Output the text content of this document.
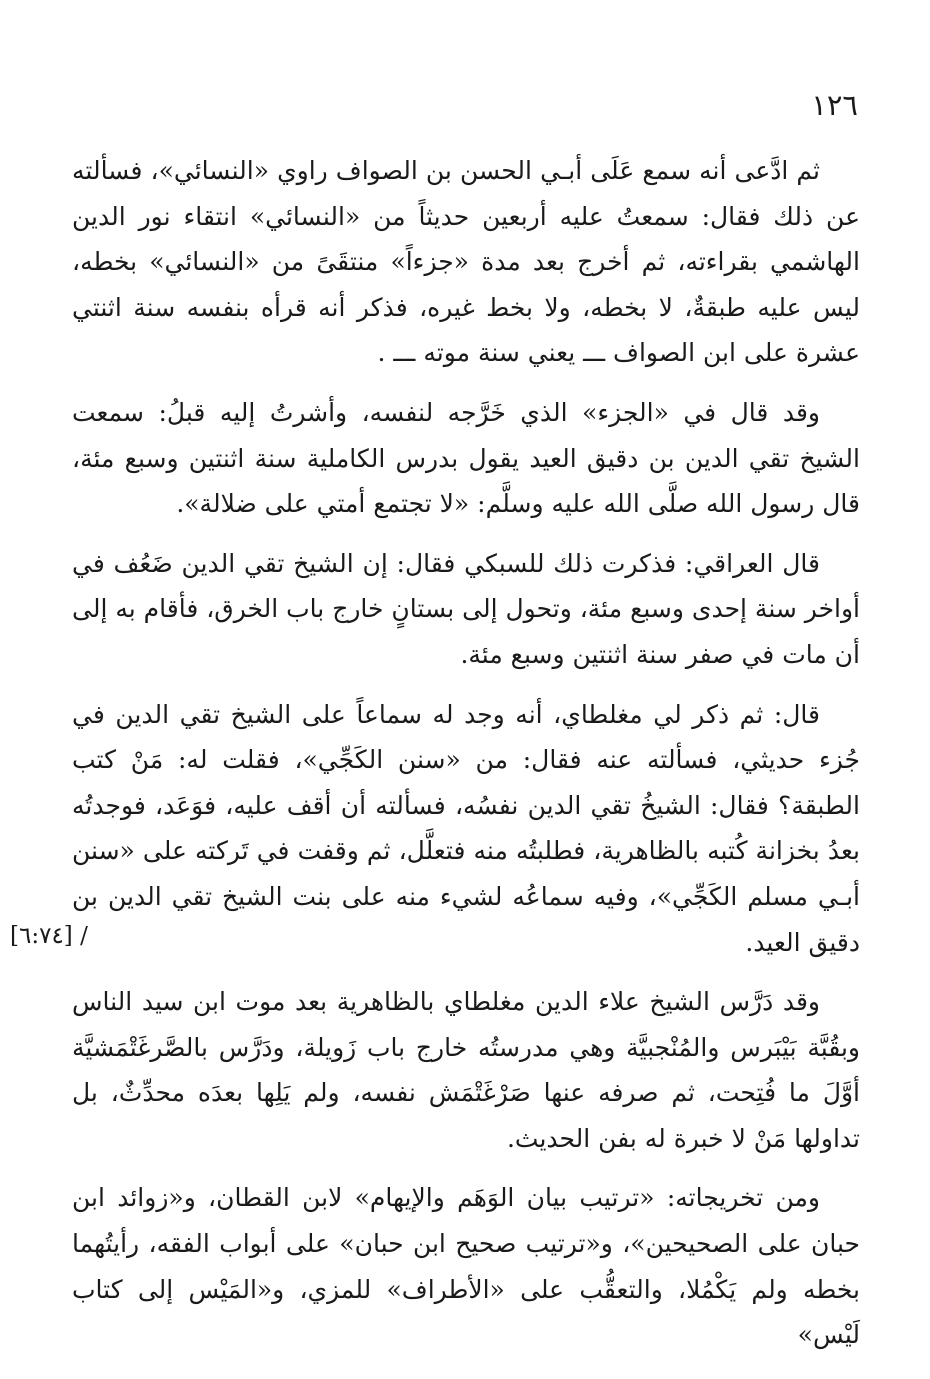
١٢٦

ثم ادَّعى أنه سمع عَلَى أبـي الحسن بن الصواف راوي «النسائي»، فسألته عن ذلك فقال: سمعتُ عليه أربعين حديثاً من «النسائي» انتقاء نور الدين الهاشمي بقراءته، ثم أخرج بعد مدة «جزءاً» منتقَىً من «النسائي» بخطه، ليس عليه طبقةٌ، لا بخطه، ولا بخط غيره، فذكر أنه قرأه بنفسه سنة اثنتي عشرة على ابن الصواف ـــ يعني سنة موته ـــ .

وقد قال في «الجزء» الذي خَرَّجه لنفسه، وأشرتُ إليه قبلُ: سمعت الشيخ تقي الدين بن دقيق العيد يقول بدرس الكاملية سنة اثنتين وسبع مئة، قال رسول الله صلَّى الله عليه وسلَّم: «لا تجتمع أمتي على ضلالة».

قال العراقي: فذكرت ذلك للسبكي فقال: إن الشيخ تقي الدين ضَعُف في أواخر سنة إحدى وسبع مئة، وتحول إلى بستانٍ خارج باب الخرق، فأقام به إلى أن مات في صفر سنة اثنتين وسبع مئة.

قال: ثم ذكر لي مغلطاي، أنه وجد له سماعاً على الشيخ تقي الدين في جُزء حديثي، فسألته عنه فقال: من «سنن الكَجِّي»، فقلت له: مَنْ كتب الطبقة؟ فقال: الشيخُ تقي الدين نفسُه، فسألته أن أقف عليه، فوَعَد، فوجدتُه بعدُ بخزانة كُتبه بالظاهرية، فطلبتُه منه فتعلَّل، ثم وقفت في تَركته على «سنن أبـي مسلم الكَجِّي»، وفيه سماعُه لشيء منه على بنت الشيخ تقي الدين بن دقيق العيد.
[٦:٧٤] /

وقد دَرَّس الشيخ علاء الدين مغلطاي بالظاهرية بعد موت ابن سيد الناس وبقُبَّة بَيْبَرس والمُنْجبيَّة وهي مدرستُه خارج باب زَويلة، ودَرَّس بالصَّرغَتْمَشيَّة أوَّلَ ما فُتِحت، ثم صرفه عنها صَرْغَتْمَش نفسه، ولم يَلِها بعدَه محدِّثٌ، بل تداولها مَنْ لا خبرة له بفن الحديث.

ومن تخريجاته: «ترتيب بيان الوَهَم والإيهام» لابن القطان، و«زوائد ابن حبان على الصحيحين»، و«ترتيب صحيح ابن حبان» على أبواب الفقه، رأيتُهما بخطه ولم يَكْمُلا، والتعقُّب على «الأطراف» للمزي، و«المَيْس إلى كتاب لَيْس»
